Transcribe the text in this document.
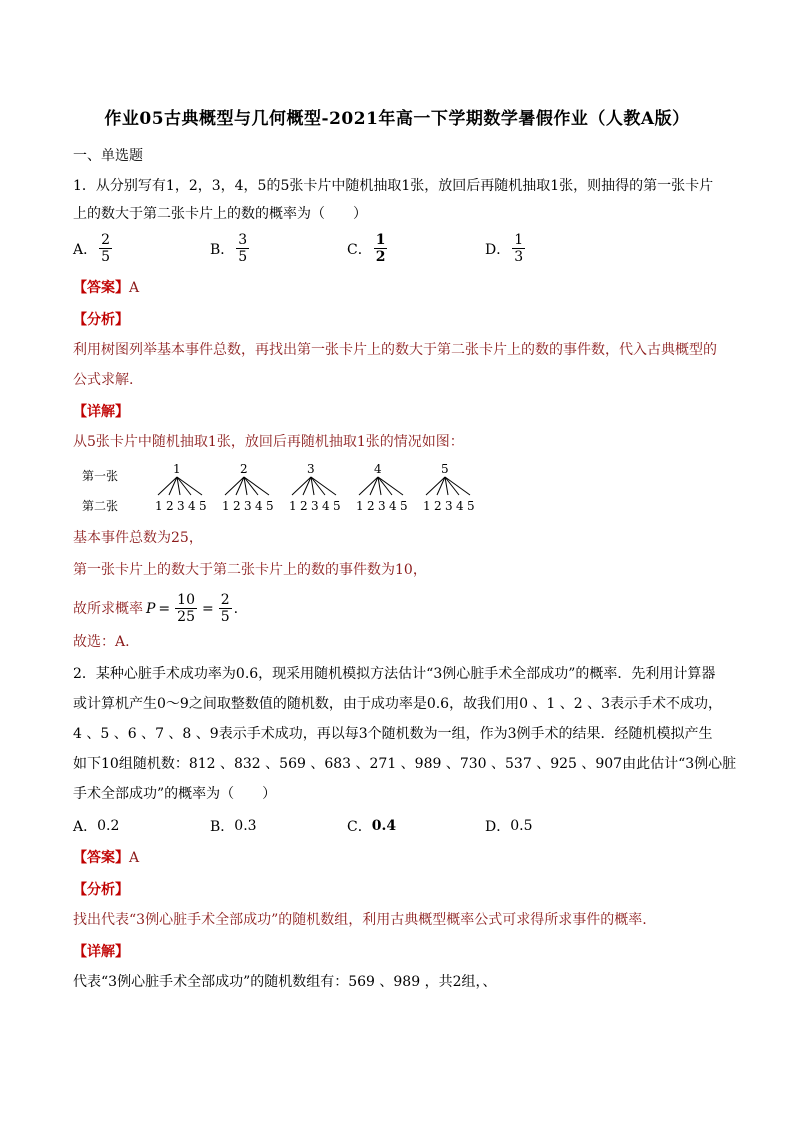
作业05古典概型与几何概型-2021年高一下学期数学暑假作业（人教A版）
一、单选题
1．从分别写有1，2，3，4，5的5张卡片中随机抽取1张，放回后再随机抽取1张，则抽得的第一张卡片
上的数大于第二张卡片上的数的概率为（　　）
A． $\frac{2}{5}$	B． $\frac{3}{5}$	C． $\frac{1}{2}$	D． $\frac{1}{3}$
【答案】A
【分析】
利用树图列举基本事件总数，再找出第一张卡片上的数大于第二张卡片上的数的事件数，代入古典概型的
公式求解.
【详解】
从5张卡片中随机抽取1张，放回后再随机抽取1张的情况如图：
第一张
第二张
1
1 2 3 4 5
2
1 2 3 4 5
3
1 2 3 4 5
4
1 2 3 4 5
5
1 2 3 4 5
基本事件总数为25，
第一张卡片上的数大于第二张卡片上的数的事件数为10，
故所求概率 $P = \frac{10}{25} = \frac{2}{5}$ .
故选：A.
2．某种心脏手术成功率为0.6，现采用随机模拟方法估计“3例心脏手术全部成功”的概率．先利用计算器
或计算机产生0～9之间取整数值的随机数，由于成功率是0.6，故我们用0 、1 、2 、3表示手术不成功，
4 、5 、6 、7 、8 、9表示手术成功，再以每3个随机数为一组，作为3例手术的结果．经随机模拟产生
如下10组随机数：812 、832 、569 、683 、271 、989 、730 、537 、925 、907由此估计“3例心脏
手术全部成功”的概率为（　　）
A． 0.2	B． 0.3	C． 0.4	D． 0.5
【答案】A
【分析】
找出代表“3例心脏手术全部成功”的随机数组，利用古典概型概率公式可求得所求事件的概率.
【详解】
代表“3例心脏手术全部成功”的随机数组有：569 、989 ，共2组，、
